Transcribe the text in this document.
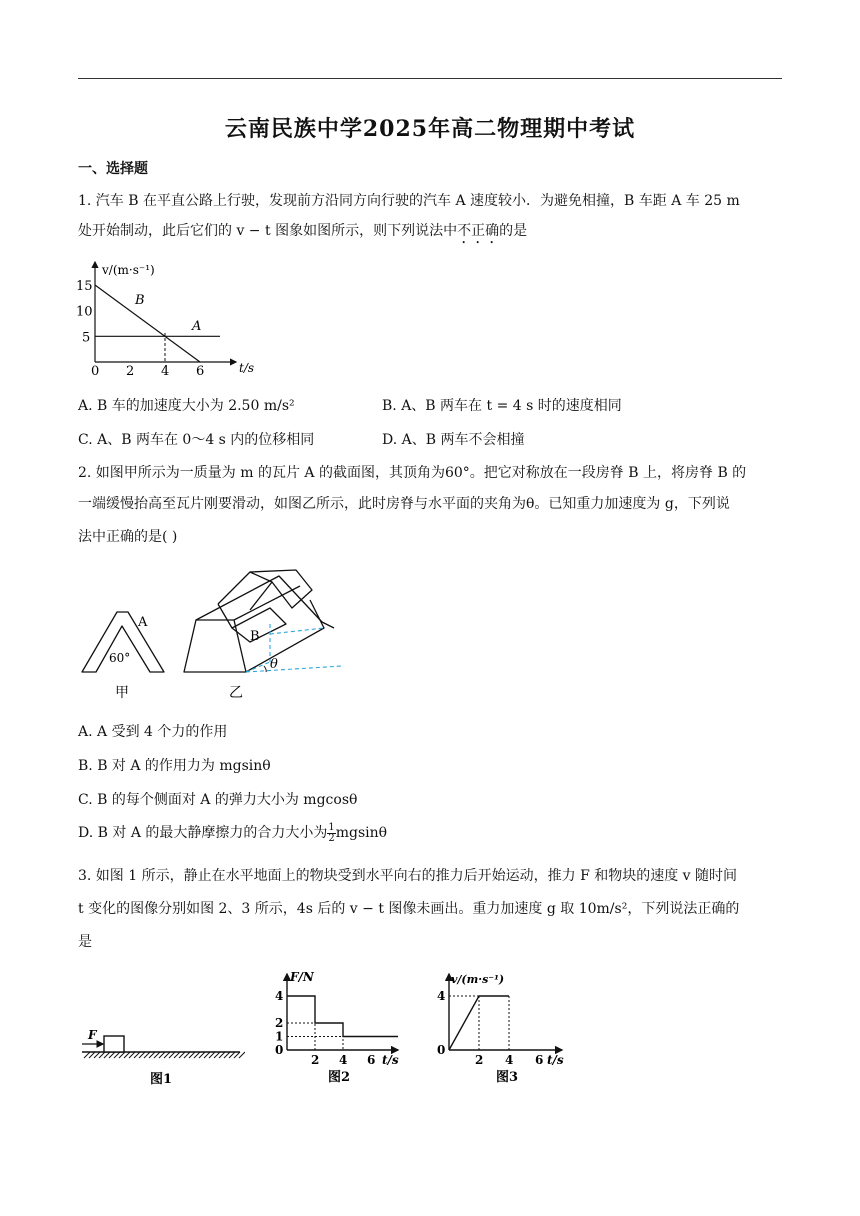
云南民族中学2025年高二物理期中考试
一、选择题
1. 汽车 B 在平直公路上行驶，发现前方沿同方向行驶的汽车 A 速度较小．为避免相撞，B 车距 A 车 25 m
处开始制动，此后它们的 v − t 图象如图所示，则下列说法中不正确的是
v/(m·s⁻¹)
t/s
0 2 4 6
15
10
5
B
A
A. B 车的加速度大小为 2.50 m/s²	B. A、B 两车在 t = 4 s 时的速度相同
C. A、B 两车在 0～4 s 内的位移相同	D. A、B 两车不会相撞
2. 如图甲所示为一质量为 m 的瓦片 A 的截面图，其顶角为60°。把它对称放在一段房脊 B 上，将房脊 B 的
一端缓慢抬高至瓦片刚要滑动，如图乙所示，此时房脊与水平面的夹角为θ。已知重力加速度为 g，下列说
法中正确的是( )
60°
A
甲
B
θ
乙
A. A 受到 4 个力的作用
B. B 对 A 的作用力为 mgsinθ
C. B 的每个侧面对 A 的弹力大小为 mgcosθ
D. B 对 A 的最大静摩擦力的合力大小为 $\frac{1}{2}$ mgsinθ
3. 如图 1 所示，静止在水平地面上的物块受到水平向右的推力后开始运动，推力 F 和物块的速度 v 随时间
t 变化的图像分别如图 2、3 所示，4s 后的 v − t 图像未画出。重力加速度 g 取 10m/s²，下列说法正确的
是
F
图1
F/N
t/s
4
2
1
0
2 4 6
图2
v/(m·s⁻¹)
t/s
4
0
2 4 6
图3
